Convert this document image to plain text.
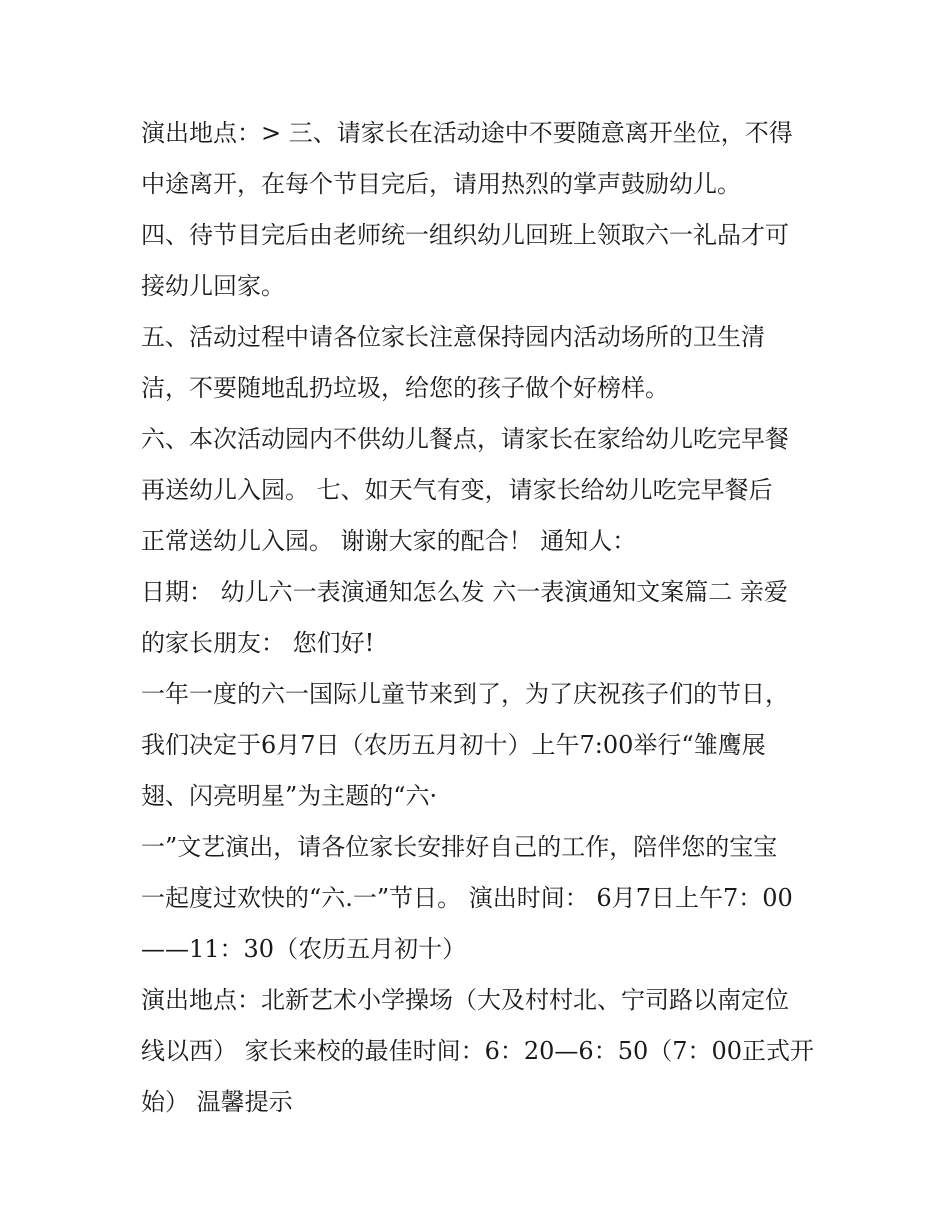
演出地点：> 三、请家长在活动途中不要随意离开坐位，不得
中途离开，在每个节目完后，请用热烈的掌声鼓励幼儿。
四、待节目完后由老师统一组织幼儿回班上领取六一礼品才可
接幼儿回家。
五、活动过程中请各位家长注意保持园内活动场所的卫生清
洁，不要随地乱扔垃圾，给您的孩子做个好榜样。
六、本次活动园内不供幼儿餐点，请家长在家给幼儿吃完早餐
再送幼儿入园。 七、如天气有变，请家长给幼儿吃完早餐后
正常送幼儿入园。 谢谢大家的配合！ 通知人：
日期： 幼儿六一表演通知怎么发 六一表演通知文案篇二 亲爱
的家长朋友： 您们好!
一年一度的六一国际儿童节来到了，为了庆祝孩子们的节日，
我们决定于6月7日（农历五月初十）上午7:00举行“雏鹰展
翅、闪亮明星”为主题的“六·
一”文艺演出，请各位家长安排好自己的工作，陪伴您的宝宝
一起度过欢快的“六.一”节日。 演出时间： 6月7日上午7：00
——11：30（农历五月初十）
演出地点：北新艺术小学操场（大及村村北、宁司路以南定位
线以西） 家长来校的最佳时间：6：20—6：50（7：00正式开
始） 温馨提示
